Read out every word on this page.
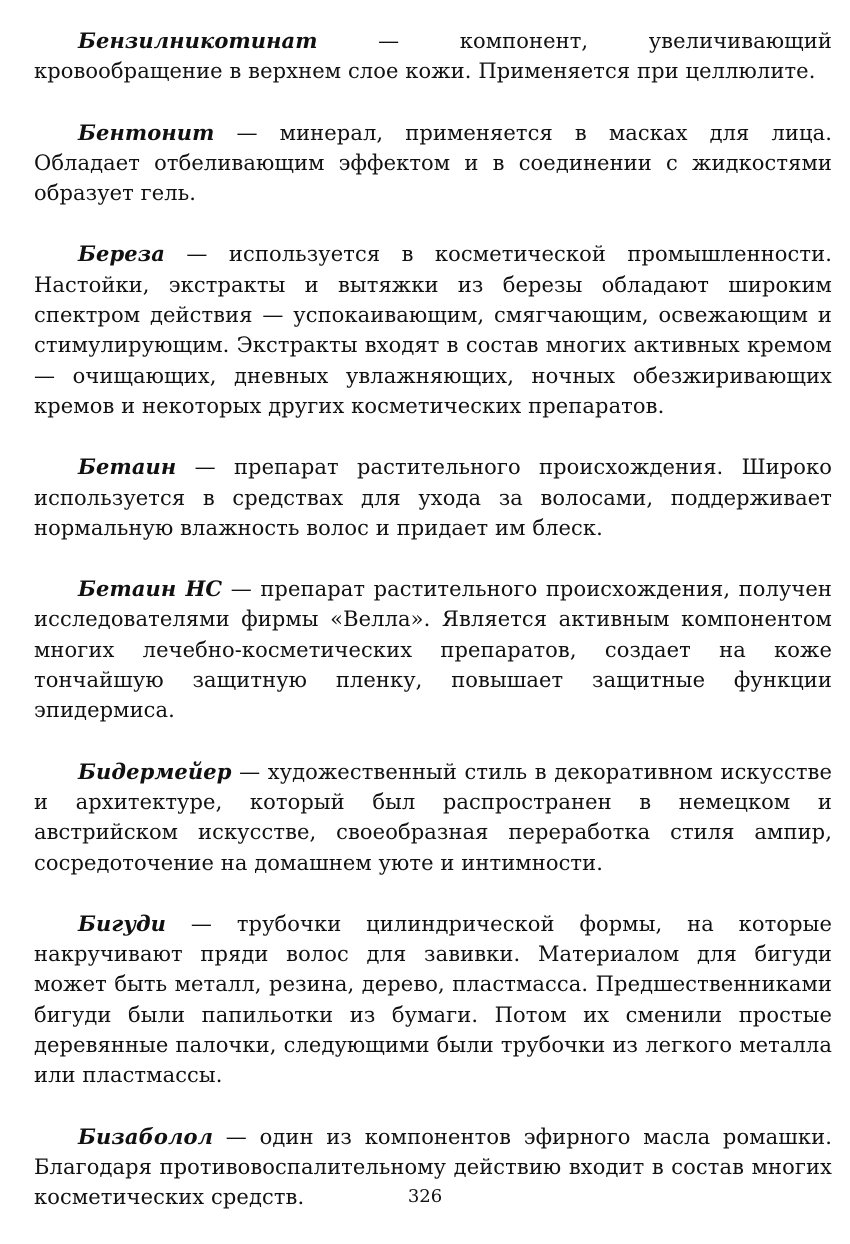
Бензилникотинат	— компонент, увеличивающий кровообращение в верхнем слое кожи. Применяется при целлюлите.

Бентонит — минерал, применяется в масках для лица. Обладает отбеливающим эффектом и в соединении с жидкостями образует гель.

Береза — используется в косметической промышленности. Настойки, экстракты и вытяжки из березы обладают широким спектром действия — успокаивающим, смягчающим, освежающим и стимулирующим. Экстракты входят в состав многих активных кремом — очищающих, дневных увлажняющих, ночных обезжиривающих кремов и некоторых других косметических препаратов.

Бетаин — препарат растительного происхождения. Широко используется в средствах для ухода за волосами, поддерживает нормальную влажность волос и придает им блеск.

Бетаин НС — препарат растительного происхождения, получен исследователями фирмы «Велла». Является активным компонентом многих лечебно-косметических препаратов, создает на коже тончайшую защитную пленку, повышает защитные функции эпидермиса.

Бидермейер — художественный стиль в декоративном искусстве и архитектуре, который был распространен в немецком и австрийском искусстве, своеобразная переработка стиля ампир, сосредоточение на домашнем уюте и интимности.

Бигуди — трубочки цилиндрической формы, на которые накручивают пряди волос для завивки. Материалом для бигуди может быть металл, резина, дерево, пластмасса. Предшественниками бигуди были папильотки из бумаги. Потом их сменили простые деревянные палочки, следующими были трубочки из легкого металла или пластмассы.

Бизаболол — один из компонентов эфирного масла ромашки. Благодаря противовоспалительному действию входит в состав многих косметических средств.	326
